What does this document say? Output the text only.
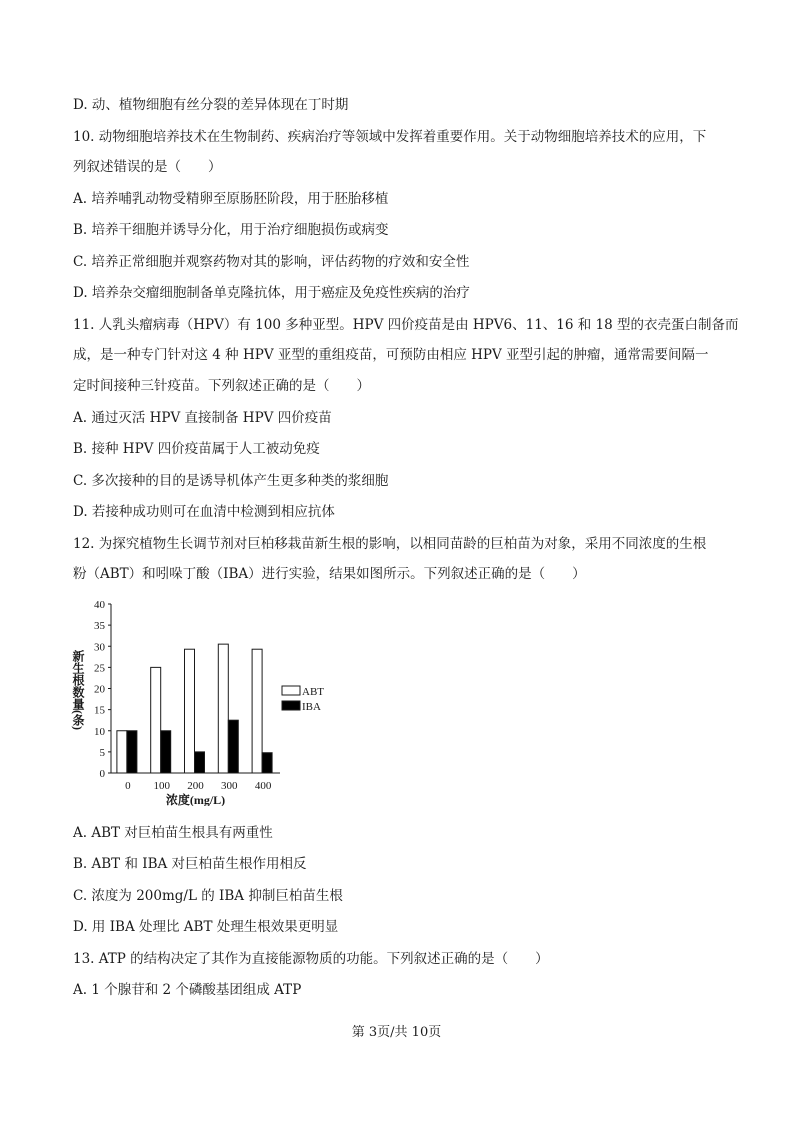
D. 动、植物细胞有丝分裂的差异体现在丁时期
10. 动物细胞培养技术在生物制药、疾病治疗等领域中发挥着重要作用。关于动物细胞培养技术的应用，下
列叙述错误的是（　　）
A. 培养哺乳动物受精卵至原肠胚阶段，用于胚胎移植
B. 培养干细胞并诱导分化，用于治疗细胞损伤或病变
C. 培养正常细胞并观察药物对其的影响，评估药物的疗效和安全性
D. 培养杂交瘤细胞制备单克隆抗体，用于癌症及免疫性疾病的治疗
11. 人乳头瘤病毒（HPV）有 100 多种亚型。HPV 四价疫苗是由 HPV6、11、16 和 18 型的衣壳蛋白制备而
成，是一种专门针对这 4 种 HPV 亚型的重组疫苗，可预防由相应 HPV 亚型引起的肿瘤，通常需要间隔一
定时间接种三针疫苗。下列叙述正确的是（　　）
A. 通过灭活 HPV 直接制备 HPV 四价疫苗
B. 接种 HPV 四价疫苗属于人工被动免疫
C. 多次接种的目的是诱导机体产生更多种类的浆细胞
D. 若接种成功则可在血清中检测到相应抗体
12. 为探究植物生长调节剂对巨柏移栽苗新生根的影响，以相同苗龄的巨柏苗为对象，采用不同浓度的生根
粉（ABT）和吲哚丁酸（IBA）进行实验，结果如图所示。下列叙述正确的是（　　）
A. ABT 对巨柏苗生根具有两重性
B. ABT 和 IBA 对巨柏苗生根作用相反
C. 浓度为 200mg/L 的 IBA 抑制巨柏苗生根
D. 用 IBA 处理比 ABT 处理生根效果更明显
13. ATP 的结构决定了其作为直接能源物质的功能。下列叙述正确的是（　　）
A. 1 个腺苷和 2 个磷酸基团组成 ATP
0
5
10
15
20
25
30
35
40
新生根数量(条)
0 100 200 300 400
浓度(mg/L)
ABT
IBA
第 3页/共 10页
